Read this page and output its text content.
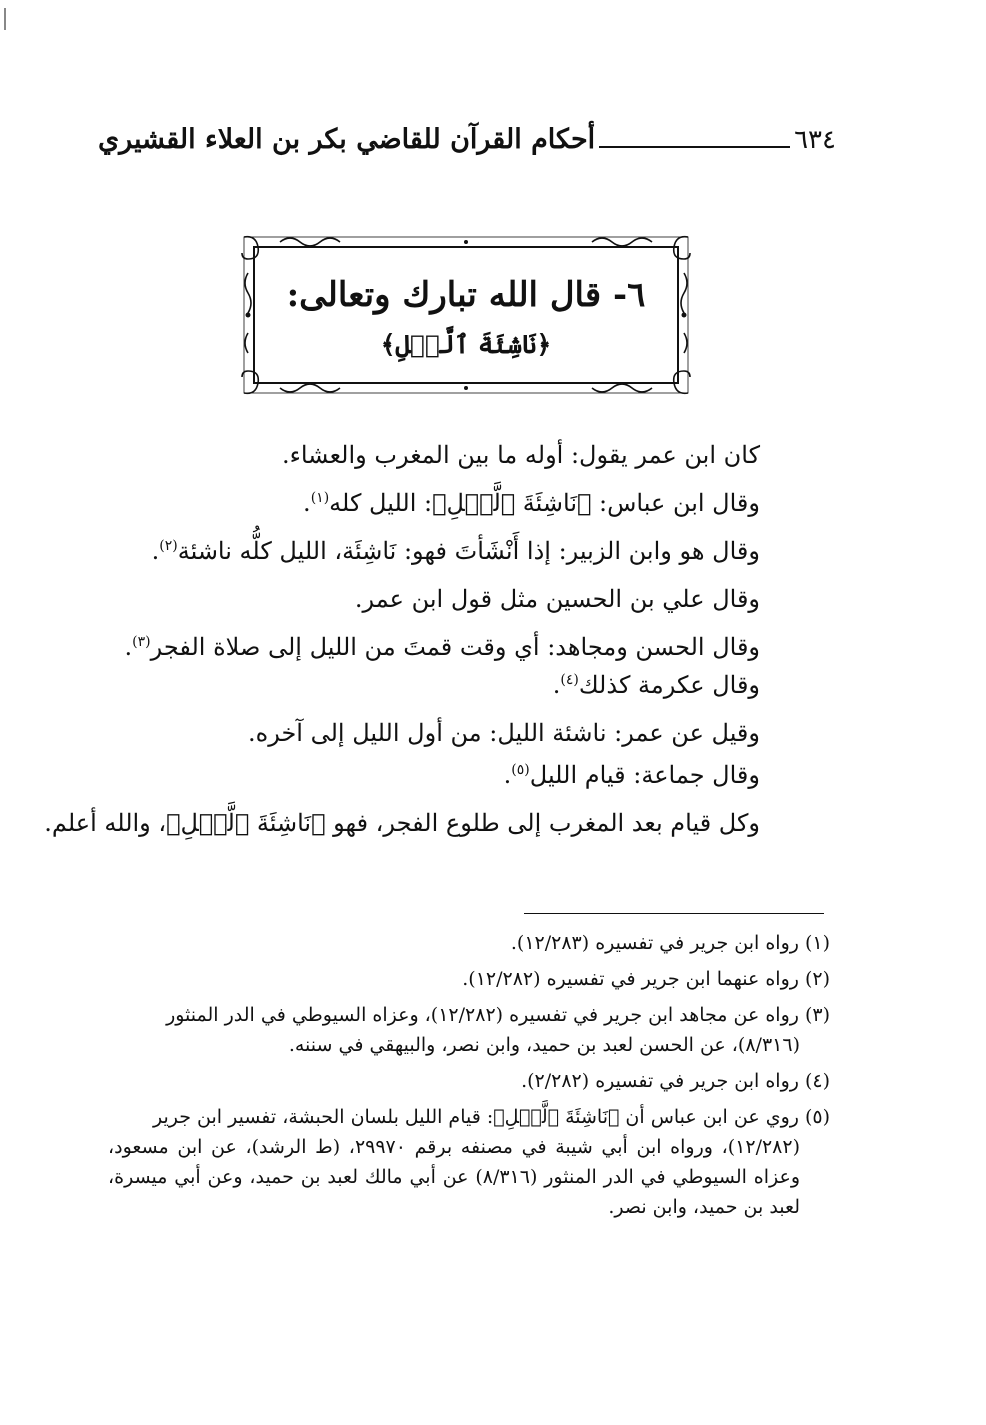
٦٣٤
أحكام القرآن للقاضي بكر بن العلاء القشيري
٦- قال الله تبارك وتعالى:
﴿نَاشِئَةَ ٱلَّيۡلِ﴾

كان ابن عمر يقول: أوله ما بين المغرب والعشاء.

وقال ابن عباس: ﴿نَاشِئَةَ ٱلَّيۡلِ﴾: الليل كله$^{(١)}$.

وقال هو وابن الزبير: إذا أَنْشَأتَ فهو: نَاشِئَة، الليل كلُّه ناشئة$^{(٢)}$.

وقال علي بن الحسين مثل قول ابن عمر.

وقال الحسن ومجاهد: أي وقت قمتَ من الليل إلى صلاة الفجر$^{(٣)}$.

وقال عكرمة كذلك$^{(٤)}$.

وقيل عن عمر: ناشئة الليل: من أول الليل إلى آخره.

وقال جماعة: قيام الليل$^{(٥)}$.

وكل قيام بعد المغرب إلى طلوع الفجر، فهو ﴿نَاشِئَةَ ٱلَّيۡلِ﴾، والله أعلم.

(١)رواه ابن جرير في تفسيره (١٢/٢٨٣).

(٢)رواه عنهما ابن جرير في تفسيره (١٢/٢٨٢).

(٣)رواه عن مجاهد ابن جرير في تفسيره (١٢/٢٨٢)، وعزاه السيوطي في الدر المنثور
(٨/٣١٦)، عن الحسن لعبد بن حميد، وابن نصر، والبيهقي في سننه.

(٤)رواه ابن جرير في تفسيره (٢/٢٨٢).

(٥)روي عن ابن عباس أن ﴿نَاشِئَةَ ٱلَّيۡلِ﴾: قيام الليل بلسان الحبشة، تفسير ابن جرير
(١٢/٢٨٢)، ورواه ابن أبي شيبة في مصنفه برقم ٢٩٩٧٠، (ط الرشد)، عن ابن مسعود، وعزاه السيوطي في الدر المنثور (٨/٣١٦) عن أبي مالك لعبد بن حميد، وعن أبي ميسرة، لعبد بن حميد، وابن نصر.
